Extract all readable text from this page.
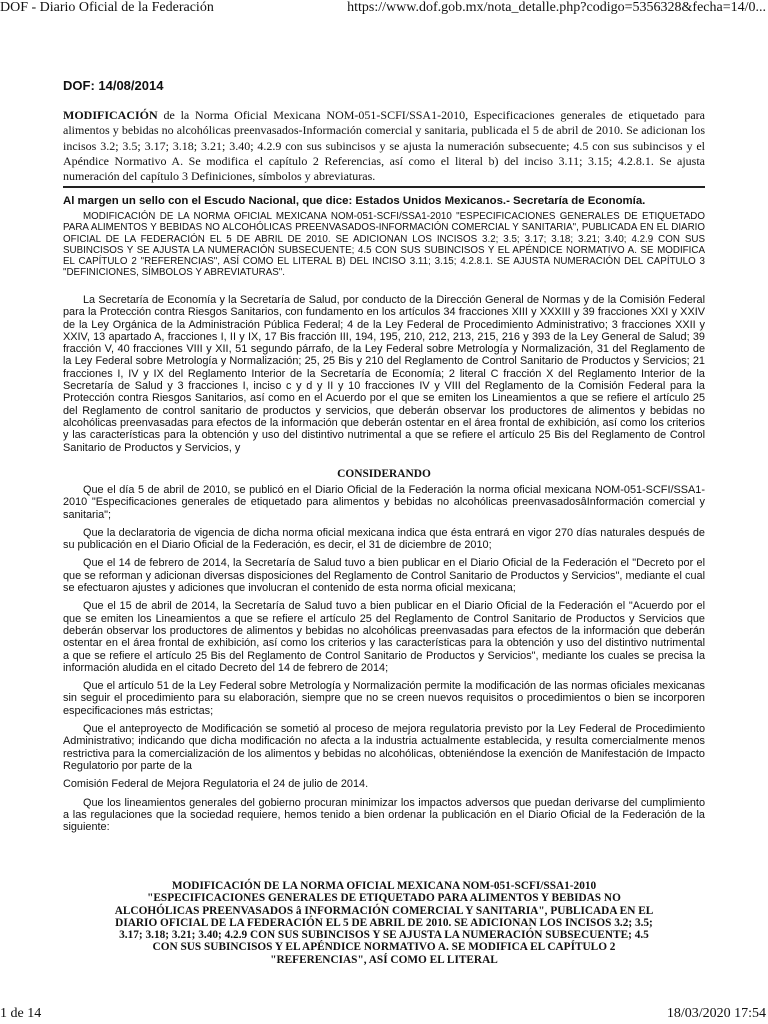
DOF - Diario Oficial de la Federación	https://www.dof.gob.mx/nota_detalle.php?codigo=5356328&fecha=14/0...
DOF: 14/08/2014
MODIFICACIÓN de la Norma Oficial Mexicana NOM-051-SCFI/SSA1-2010, Especificaciones generales de etiquetado para alimentos y bebidas no alcohólicas preenvasados-Información comercial y sanitaria, publicada el 5 de abril de 2010. Se adicionan los incisos 3.2; 3.5; 3.17; 3.18; 3.21; 3.40; 4.2.9 con sus subincisos y se ajusta la numeración subsecuente; 4.5 con sus subincisos y el Apéndice Normativo A. Se modifica el capítulo 2 Referencias, así como el literal b) del inciso 3.11; 3.15; 4.2.8.1. Se ajusta numeración del capítulo 3 Definiciones, símbolos y abreviaturas.
Al margen un sello con el Escudo Nacional, que dice: Estados Unidos Mexicanos.- Secretaría de Economía.
MODIFICACIÓN DE LA NORMA OFICIAL MEXICANA NOM-051-SCFI/SSA1-2010 "ESPECIFICACIONES GENERALES DE ETIQUETADO PARA ALIMENTOS Y BEBIDAS NO ALCOHÓLICAS PREENVASADOS-INFORMACIÓN COMERCIAL Y SANITARIA", PUBLICADA EN EL DIARIO OFICIAL DE LA FEDERACIÓN EL 5 DE ABRIL DE 2010. SE ADICIONAN LOS INCISOS 3.2; 3.5; 3.17; 3.18; 3.21; 3.40; 4.2.9 CON SUS SUBINCISOS Y SE AJUSTA LA NUMERACIÓN SUBSECUENTE; 4.5 CON SUS SUBINCISOS Y EL APÉNDICE NORMATIVO A. SE MODIFICA EL CAPÍTULO 2 "REFERENCIAS", ASÍ COMO EL LITERAL B) DEL INCISO 3.11; 3.15; 4.2.8.1. SE AJUSTA NUMERACIÓN DEL CAPÍTULO 3 "DEFINICIONES, SÍMBOLOS Y ABREVIATURAS".

La Secretaría de Economía y la Secretaría de Salud, por conducto de la Dirección General de Normas y de la Comisión Federal para la Protección contra Riesgos Sanitarios, con fundamento en los artículos 34 fracciones XIII y XXXIII y 39 fracciones XXI y XXIV de la Ley Orgánica de la Administración Pública Federal; 4 de la Ley Federal de Procedimiento Administrativo; 3 fracciones XXII y XXIV, 13 apartado A, fracciones I, II y IX, 17 Bis fracción III, 194, 195, 210, 212, 213, 215, 216 y 393 de la Ley General de Salud; 39 fracción V, 40 fracciones VIII y XII, 51 segundo párrafo, de la Ley Federal sobre Metrología y Normalización, 31 del Reglamento de la Ley Federal sobre Metrología y Normalización; 25, 25 Bis y 210 del Reglamento de Control Sanitario de Productos y Servicios; 21 fracciones I, IV y IX del Reglamento Interior de la Secretaría de Economía; 2 literal C fracción X del Reglamento Interior de la Secretaría de Salud y 3 fracciones I, inciso c y d y II y 10 fracciones IV y VIII del Reglamento de la Comisión Federal para la Protección contra Riesgos Sanitarios, así como en el Acuerdo por el que se emiten los Lineamientos a que se refiere el artículo 25 del Reglamento de control sanitario de productos y servicios, que deberán observar los productores de alimentos y bebidas no alcohólicas preenvasadas para efectos de la información que deberán ostentar en el área frontal de exhibición, así como los criterios y las características para la obtención y uso del distintivo nutrimental a que se refiere el artículo 25 Bis del Reglamento de Control Sanitario de Productos y Servicios, y

CONSIDERANDO

Que el día 5 de abril de 2010, se publicó en el Diario Oficial de la Federación la norma oficial mexicana NOM-051-SCFI/SSA1-2010 "Especificaciones generales de etiquetado para alimentos y bebidas no alcohólicas preenvasadosâInformación comercial y sanitaria";

Que la declaratoria de vigencia de dicha norma oficial mexicana indica que ésta entrará en vigor 270 días naturales después de su publicación en el Diario Oficial de la Federación, es decir, el 31 de diciembre de 2010;

Que el 14 de febrero de 2014, la Secretaría de Salud tuvo a bien publicar en el Diario Oficial de la Federación el "Decreto por el que se reforman y adicionan diversas disposiciones del Reglamento de Control Sanitario de Productos y Servicios", mediante el cual se efectuaron ajustes y adiciones que involucran el contenido de esta norma oficial mexicana;

Que el 15 de abril de 2014, la Secretaría de Salud tuvo a bien publicar en el Diario Oficial de la Federación el "Acuerdo por el que se emiten los Lineamientos a que se refiere el artículo 25 del Reglamento de Control Sanitario de Productos y Servicios que deberán observar los productores de alimentos y bebidas no alcohólicas preenvasadas para efectos de la información que deberán ostentar en el área frontal de exhibición, así como los criterios y las características para la obtención y uso del distintivo nutrimental a que se refiere el artículo 25 Bis del Reglamento de Control Sanitario de Productos y Servicios", mediante los cuales se precisa la información aludida en el citado Decreto del 14 de febrero de 2014;

Que el artículo 51 de la Ley Federal sobre Metrología y Normalización permite la modificación de las normas oficiales mexicanas sin seguir el procedimiento para su elaboración, siempre que no se creen nuevos requisitos o procedimientos o bien se incorporen especificaciones más estrictas;

Que el anteproyecto de Modificación se sometió al proceso de mejora regulatoria previsto por la Ley Federal de Procedimiento Administrativo; indicando que dicha modificación no afecta a la industria actualmente establecida, y resulta comercialmente menos restrictiva para la comercialización de los alimentos y bebidas no alcohólicas, obteniéndose la exención de Manifestación de Impacto Regulatorio por parte de la

Comisión Federal de Mejora Regulatoria el 24 de julio de 2014.

Que los lineamientos generales del gobierno procuran minimizar los impactos adversos que puedan derivarse del cumplimiento a las regulaciones que la sociedad requiere, hemos tenido a bien ordenar la publicación en el Diario Oficial de la Federación de la siguiente:

MODIFICACIÓN DE LA NORMA OFICIAL MEXICANA NOM-051-SCFI/SSA1-2010 "ESPECIFICACIONES GENERALES DE ETIQUETADO PARA ALIMENTOS Y BEBIDAS NO ALCOHÓLICAS PREENVASADOS â INFORMACIÓN COMERCIAL Y SANITARIA", PUBLICADA EN EL DIARIO OFICIAL DE LA FEDERACIÓN EL 5 DE ABRIL DE 2010. SE ADICIONAN LOS INCISOS 3.2; 3.5; 3.17; 3.18; 3.21; 3.40; 4.2.9 CON SUS SUBINCISOS Y SE AJUSTA LA NUMERACIÓN SUBSECUENTE; 4.5 CON SUS SUBINCISOS Y EL APÉNDICE NORMATIVO A. SE MODIFICA EL CAPÍTULO 2 "REFERENCIAS", ASÍ COMO EL LITERAL
1 de 14	18/03/2020 17:54
